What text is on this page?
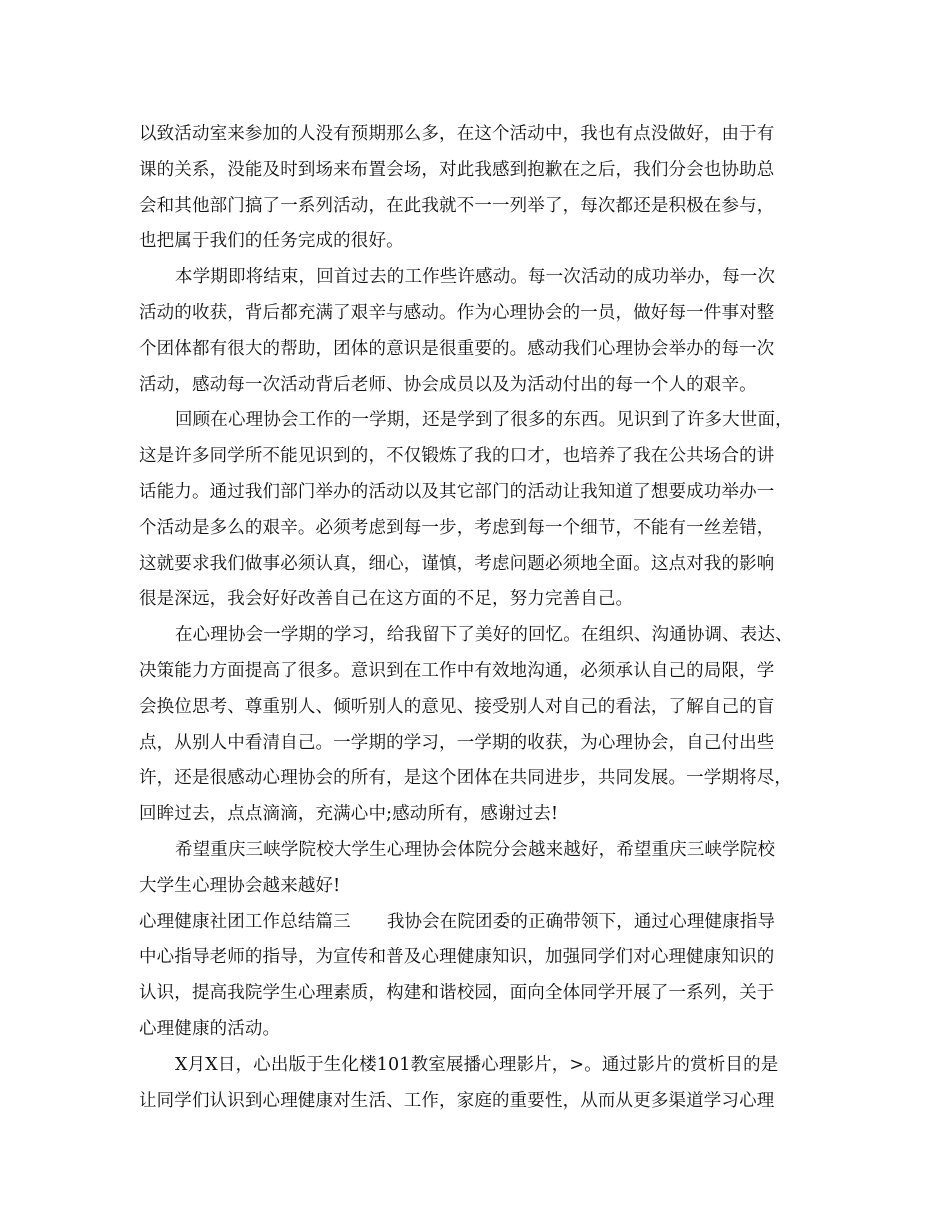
以致活动室来参加的人没有预期那么多，在这个活动中，我也有点没做好，由于有
课的关系，没能及时到场来布置会场，对此我感到抱歉在之后，我们分会也协助总
会和其他部门搞了一系列活动，在此我就不一一列举了，每次都还是积极在参与，
也把属于我们的任务完成的很好。

本学期即将结束，回首过去的工作些许感动。每一次活动的成功举办，每一次
活动的收获，背后都充满了艰辛与感动。作为心理协会的一员，做好每一件事对整
个团体都有很大的帮助，团体的意识是很重要的。感动我们心理协会举办的每一次
活动，感动每一次活动背后老师、协会成员以及为活动付出的每一个人的艰辛。

回顾在心理协会工作的一学期，还是学到了很多的东西。见识到了许多大世面，
这是许多同学所不能见识到的，不仅锻炼了我的口才，也培养了我在公共场合的讲
话能力。通过我们部门举办的活动以及其它部门的活动让我知道了想要成功举办一
个活动是多么的艰辛。必须考虑到每一步，考虑到每一个细节，不能有一丝差错，
这就要求我们做事必须认真，细心，谨慎，考虑问题必须地全面。这点对我的影响
很是深远，我会好好改善自己在这方面的不足，努力完善自己。

在心理协会一学期的学习，给我留下了美好的回忆。在组织、沟通协调、表达、
决策能力方面提高了很多。意识到在工作中有效地沟通，必须承认自己的局限，学
会换位思考、尊重别人、倾听别人的意见、接受别人对自己的看法，了解自己的盲
点，从别人中看清自己。一学期的学习，一学期的收获，为心理协会，自己付出些
许，还是很感动心理协会的所有，是这个团体在共同进步，共同发展。一学期将尽，
回眸过去，点点滴滴，充满心中;感动所有，感谢过去!

希望重庆三峡学院校大学生心理协会体院分会越来越好，希望重庆三峡学院校
大学生心理协会越来越好!

心理健康社团工作总结篇三 我协会在院团委的正确带领下，通过心理健康指导
中心指导老师的指导，为宣传和普及心理健康知识，加强同学们对心理健康知识的
认识，提高我院学生心理素质，构建和谐校园，面向全体同学开展了一系列，关于
心理健康的活动。

X月X日，心出版于生化楼101教室展播心理影片，>。通过影片的赏析目的是
让同学们认识到心理健康对生活、工作，家庭的重要性，从而从更多渠道学习心理
